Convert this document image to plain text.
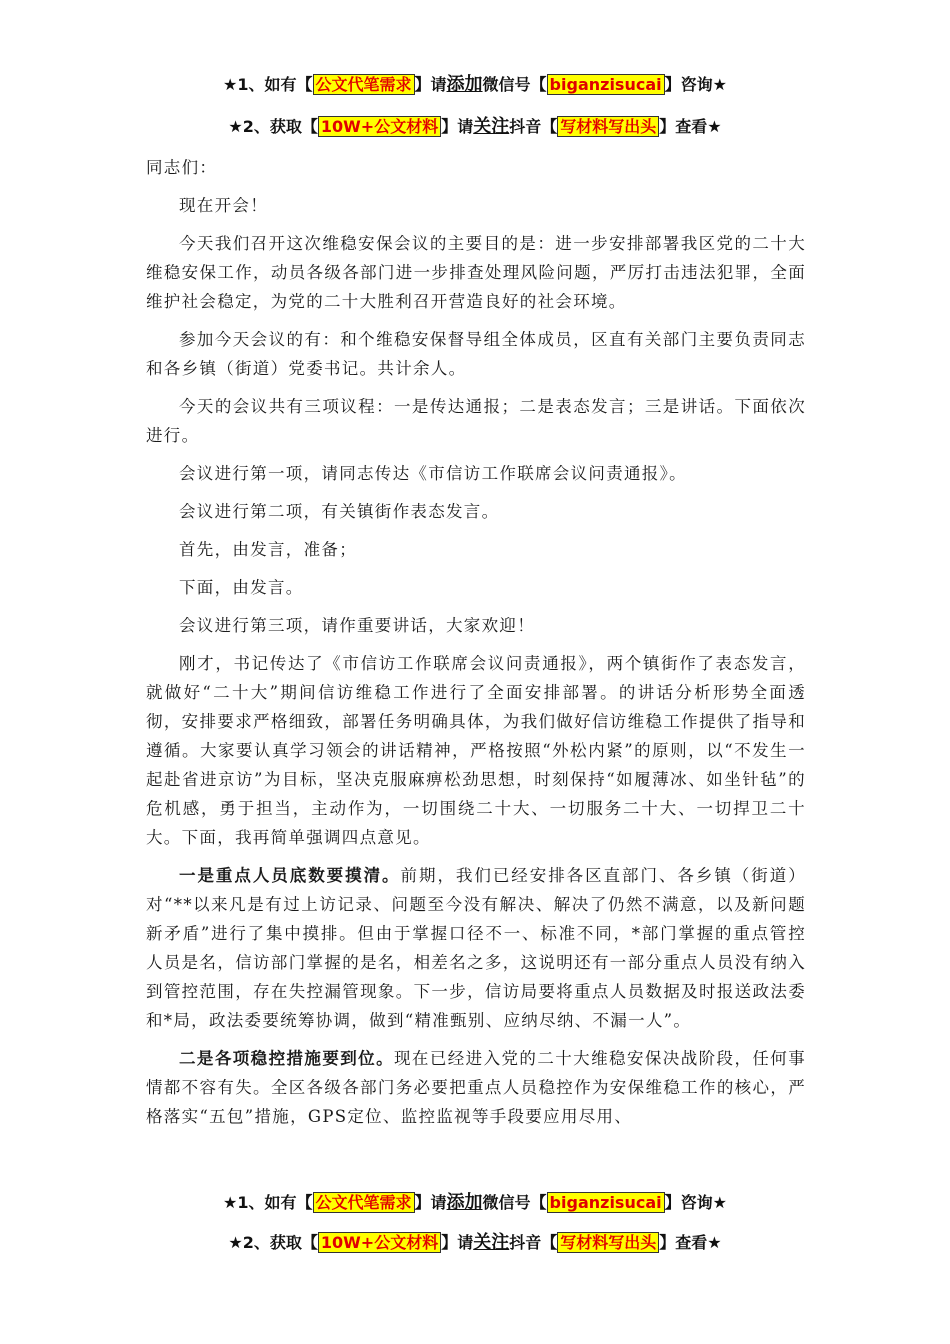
★1、如有【 公文代笔需求 】请添加微信号【 biganzisucai 】咨询★
★2、获取【 10W+公文材料 】请关注抖音【 写材料写出头 】查看★

同志们：

现在开会！

今天我们召开这次维稳安保会议的主要目的是：进一步安排部署我区党的二十大维稳安保工作，动员各级各部门进一步排查处理风险问题，严厉打击违法犯罪，全面维护社会稳定，为党的二十大胜利召开营造良好的社会环境。

参加今天会议的有：和个维稳安保督导组全体成员，区直有关部门主要负责同志和各乡镇（街道）党委书记。共计余人。

今天的会议共有三项议程：一是传达通报；二是表态发言；三是讲话。下面依次进行。

会议进行第一项，请同志传达《市信访工作联席会议问责通报》。

会议进行第二项，有关镇街作表态发言。

首先，由发言，准备；

下面，由发言。

会议进行第三项，请作重要讲话，大家欢迎！

刚才，书记传达了《市信访工作联席会议问责通报》，两个镇街作了表态发言，就做好“二十大”期间信访维稳工作进行了全面安排部署。的讲话分析形势全面透彻，安排要求严格细致，部署任务明确具体，为我们做好信访维稳工作提供了指导和遵循。大家要认真学习领会的讲话精神，严格按照“外松内紧”的原则，以“不发生一起赴省进京访”为目标，坚决克服麻痹松劲思想，时刻保持“如履薄冰、如坐针毡”的危机感，勇于担当，主动作为，一切围绕二十大、一切服务二十大、一切捍卫二十大。下面，我再简单强调四点意见。

一是重点人员底数要摸清。前期，我们已经安排各区直部门、各乡镇（街道）对“**以来凡是有过上访记录、问题至今没有解决、解决了仍然不满意，以及新问题新矛盾”进行了集中摸排。但由于掌握口径不一、标准不同，*部门掌握的重点管控人员是名，信访部门掌握的是名，相差名之多，这说明还有一部分重点人员没有纳入到管控范围，存在失控漏管现象。下一步，信访局要将重点人员数据及时报送政法委和*局，政法委要统筹协调，做到“精准甄别、应纳尽纳、不漏一人”。

二是各项稳控措施要到位。现在已经进入党的二十大维稳安保决战阶段，任何事情都不容有失。全区各级各部门务必要把重点人员稳控作为安保维稳工作的核心，严格落实“五包”措施，GPS定位、监控监视等手段要应用尽用、

★1、如有【 公文代笔需求 】请添加微信号【 biganzisucai 】咨询★
★2、获取【 10W+公文材料 】请关注抖音【 写材料写出头 】查看★
